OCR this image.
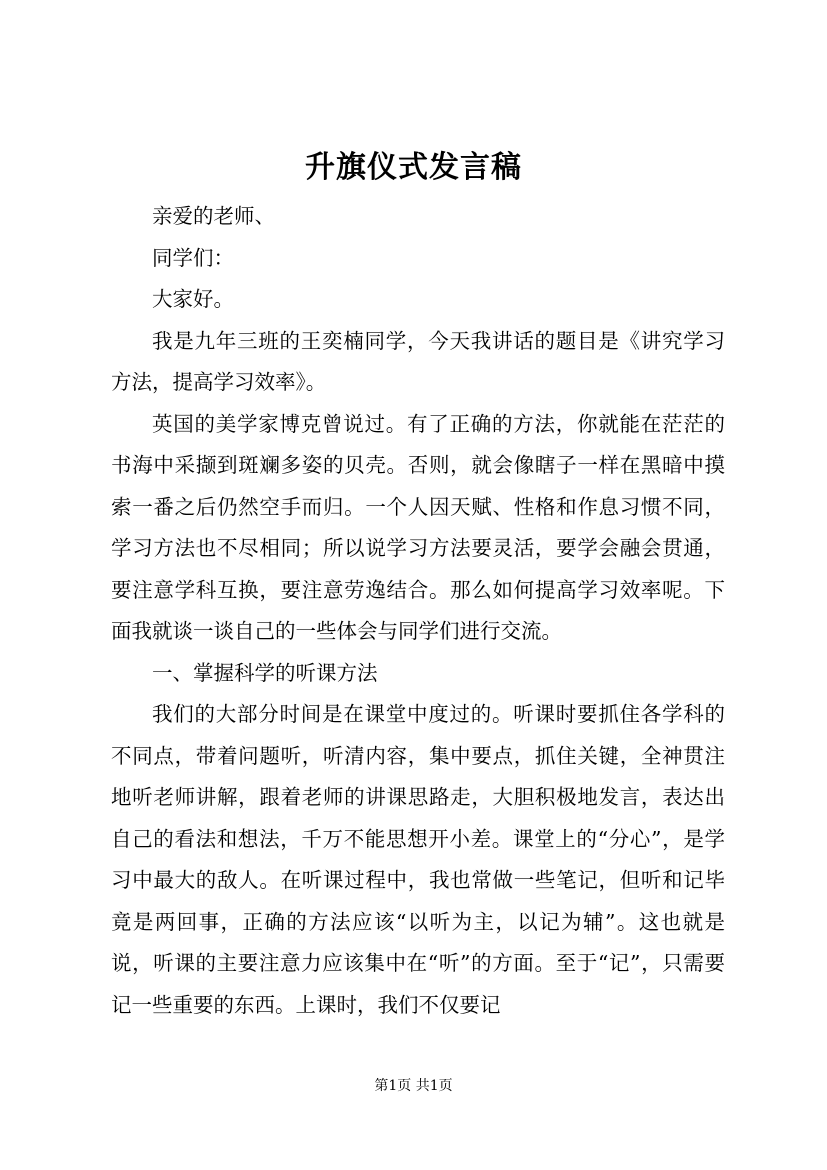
升旗仪式发言稿

亲爱的老师、

同学们：

大家好。

我是九年三班的王奕楠同学，今天我讲话的题目是《讲究学习方法，提高学习效率》。

英国的美学家博克曾说过。有了正确的方法，你就能在茫茫的书海中采撷到斑斓多姿的贝壳。否则，就会像瞎子一样在黑暗中摸索一番之后仍然空手而归。一个人因天赋、性格和作息习惯不同，学习方法也不尽相同；所以说学习方法要灵活，要学会融会贯通，要注意学科互换，要注意劳逸结合。那么如何提高学习效率呢。下面我就谈一谈自己的一些体会与同学们进行交流。

一、掌握科学的听课方法

我们的大部分时间是在课堂中度过的。听课时要抓住各学科的不同点，带着问题听，听清内容，集中要点，抓住关键，全神贯注地听老师讲解，跟着老师的讲课思路走，大胆积极地发言，表达出自己的看法和想法，千万不能思想开小差。课堂上的“分心”，是学习中最大的敌人。在听课过程中，我也常做一些笔记，但听和记毕竟是两回事，正确的方法应该“以听为主，以记为辅”。这也就是说，听课的主要注意力应该集中在“听”的方面。至于“记”，只需要记一些重要的东西。上课时，我们不仅要记

第1页 共1页
